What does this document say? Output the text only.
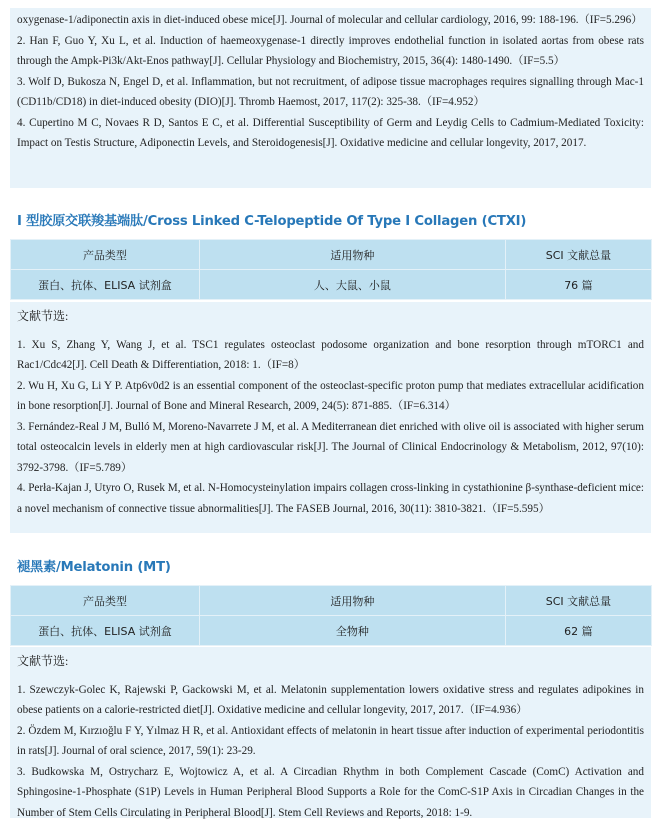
oxygenase-1/adiponectin axis in diet-induced obese mice[J]. Journal of molecular and cellular cardiology, 2016, 99: 188-196.（IF=5.296）

2. Han F, Guo Y, Xu L, et al. Induction of haemeoxygenase-1 directly improves endothelial function in isolated aortas from obese rats through the Ampk-Pi3k/Akt-Enos pathway[J]. Cellular Physiology and Biochemistry, 2015, 36(4): 1480-1490.（IF=5.5）

3. Wolf D, Bukosza N, Engel D, et al. Inflammation, but not recruitment, of adipose tissue macrophages requires signalling through Mac-1 (CD11b/CD18) in diet-induced obesity (DIO)[J]. Thromb Haemost, 2017, 117(2): 325-38.（IF=4.952）

4. Cupertino M C, Novaes R D, Santos E C, et al. Differential Susceptibility of Germ and Leydig Cells to Cadmium-Mediated Toxicity: Impact on Testis Structure, Adiponectin Levels, and Steroidogenesis[J]. Oxidative medicine and cellular longevity, 2017, 2017.

I 型胶原交联羧基端肽/Cross Linked C-Telopeptide Of Type I Collagen (CTXI)
产品类型	适用物种	SCI 文献总量
蛋白、抗体、ELISA 试剂盒	人、大鼠、小鼠	76 篇

文献节选:

1. Xu S, Zhang Y, Wang J, et al. TSC1 regulates osteoclast podosome organization and bone resorption through mTORC1 and Rac1/Cdc42[J]. Cell Death & Differentiation, 2018: 1.（IF=8）

2. Wu H, Xu G, Li Y P. Atp6v0d2 is an essential component of the osteoclast‐specific proton pump that mediates extracellular acidification in bone resorption[J]. Journal of Bone and Mineral Research, 2009, 24(5): 871-885.（IF=6.314）

3. Fernández-Real J M, Bulló M, Moreno-Navarrete J M, et al. A Mediterranean diet enriched with olive oil is associated with higher serum total osteocalcin levels in elderly men at high cardiovascular risk[J]. The Journal of Clinical Endocrinology & Metabolism, 2012, 97(10): 3792-3798.（IF=5.789）

4. Perła-Kajan J, Utyro O, Rusek M, et al. N-Homocysteinylation impairs collagen cross-linking in cystathionine β-synthase-deficient mice: a novel mechanism of connective tissue abnormalities[J]. The FASEB Journal, 2016, 30(11): 3810-3821.（IF=5.595）

褪黑素/Melatonin (MT)
产品类型	适用物种	SCI 文献总量
蛋白、抗体、ELISA 试剂盒	全物种	62 篇

文献节选:

1. Szewczyk-Golec K, Rajewski P, Gackowski M, et al. Melatonin supplementation lowers oxidative stress and regulates adipokines in obese patients on a calorie-restricted diet[J]. Oxidative medicine and cellular longevity, 2017, 2017.（IF=4.936）

2. Özdem M, Kırzıoğlu F Y, Yılmaz H R, et al. Antioxidant effects of melatonin in heart tissue after induction of experimental periodontitis in rats[J]. Journal of oral science, 2017, 59(1): 23-29.

3. Budkowska M, Ostrycharz E, Wojtowicz A, et al. A Circadian Rhythm in both Complement Cascade (ComC) Activation and Sphingosine-1-Phosphate (S1P) Levels in Human Peripheral Blood Supports a Role for the ComC‐S1P Axis in Circadian Changes in the Number of Stem Cells Circulating in Peripheral Blood[J]. Stem Cell Reviews and Reports, 2018: 1-9.
